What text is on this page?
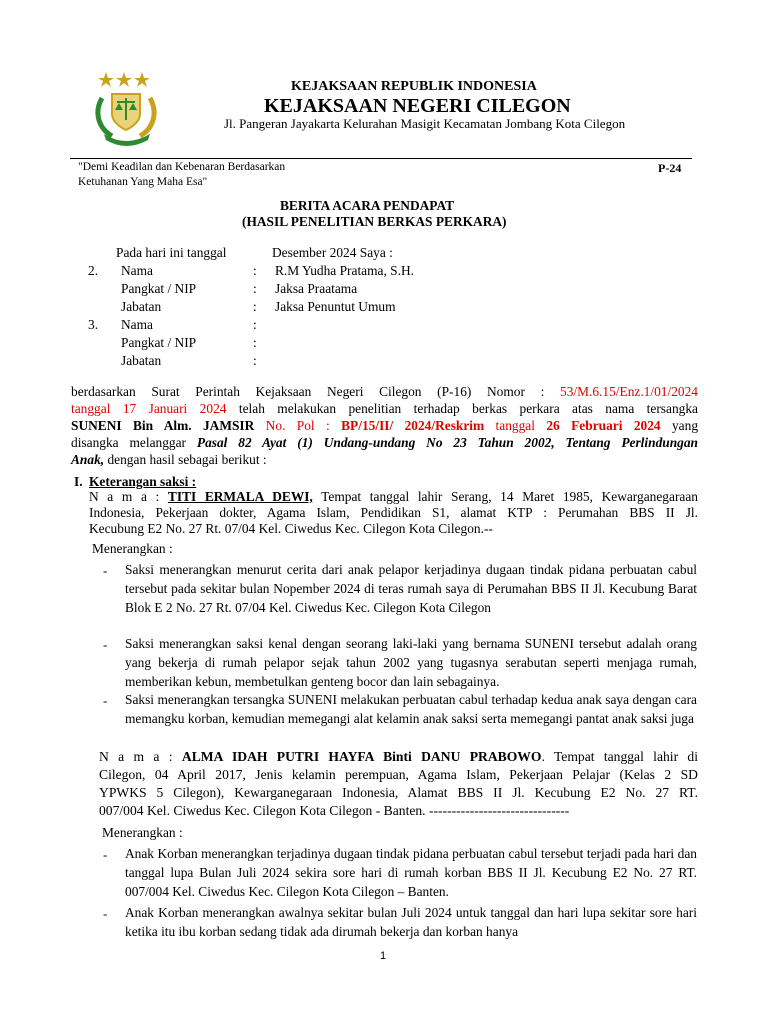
KEJAKSAAN REPUBLIK INDONESIA
KEJAKSAAN NEGERI CILEGON
Jl. Pangeran Jayakarta Kelurahan Masigit Kecamatan Jombang Kota Cilegon
"Demi Keadilan dan Kebenaran Berdasarkan
Ketuhanan Yang Maha Esa"
P-24
BERITA ACARA PENDAPAT
(HASIL PENELITIAN BERKAS PERKARA)
Pada hari ini tanggal	Desember 2024 Saya :
2. Nama	: R.M Yudha Pratama, S.H.
Pangkat / NIP	: Jaksa Praatama
Jabatan	: Jaksa Penuntut Umum
3. Nama	:
Pangkat / NIP	:
Jabatan	:
berdasarkan Surat Perintah Kejaksaan Negeri Cilegon (P-16) Nomor : 53/M.6.15/Enz.1/01/2024
tanggal 17 Januari 2024 telah melakukan penelitian terhadap berkas perkara atas nama tersangka
SUNENI Bin Alm. JAMSIR No. Pol : BP/15/II/ 2024/Reskrim tanggal 26 Februari 2024 yang
disangka melanggar Pasal 82 Ayat (1) Undang-undang No 23 Tahun 2002, Tentang Perlindungan
Anak, dengan hasil sebagai berikut :
I. Keterangan saksi :
N a m a : TITI ERMALA DEWI, Tempat tanggal lahir Serang, 14 Maret 1985, Kewarganegaraan
Indonesia, Pekerjaan dokter, Agama Islam, Pendidikan S1, alamat KTP : Perumahan BBS II Jl.
Kecubung E2 No. 27 Rt. 07/04 Kel. Ciwedus Kec. Cilegon Kota Cilegon.--
Menerangkan :
- Saksi menerangkan menurut cerita dari anak pelapor kerjadinya dugaan tindak pidana perbuatan cabul tersebut pada sekitar bulan Nopember 2024 di teras rumah saya di Perumahan BBS II Jl. Kecubung Barat Blok E 2 No. 27 Rt. 07/04 Kel. Ciwedus Kec. Cilegon Kota Cilegon
- Saksi menerangkan saksi kenal dengan seorang laki-laki yang bernama SUNENI tersebut adalah orang yang bekerja di rumah pelapor sejak tahun 2002 yang tugasnya serabutan seperti menjaga rumah, memberikan kebun, membetulkan genteng bocor dan lain sebagainya.
- Saksi menerangkan tersangka SUNENI melakukan perbuatan cabul terhadap kedua anak saya dengan cara memangku korban, kemudian memegangi alat kelamin anak saksi serta memegangi pantat anak saksi juga
N a m a : ALMA IDAH PUTRI HAYFA Binti DANU PRABOWO. Tempat tanggal lahir di
Cilegon, 04 April 2017, Jenis kelamin perempuan, Agama Islam, Pekerjaan Pelajar (Kelas 2 SD
YPWKS 5 Cilegon), Kewarganegaraan Indonesia, Alamat BBS II Jl. Kecubung E2 No. 27 RT.
007/004 Kel. Ciwedus Kec. Cilegon Kota Cilegon - Banten. -------------------------------
Menerangkan :
- Anak Korban menerangkan terjadinya dugaan tindak pidana perbuatan cabul tersebut terjadi pada hari dan tanggal lupa Bulan Juli 2024 sekira sore hari di rumah korban BBS II Jl. Kecubung E2 No. 27 RT. 007/004 Kel. Ciwedus Kec. Cilegon Kota Cilegon – Banten.
- Anak Korban menerangkan awalnya sekitar bulan Juli 2024 untuk tanggal dan hari lupa sekitar sore hari ketika itu ibu korban sedang tidak ada dirumah bekerja dan korban hanya
1
